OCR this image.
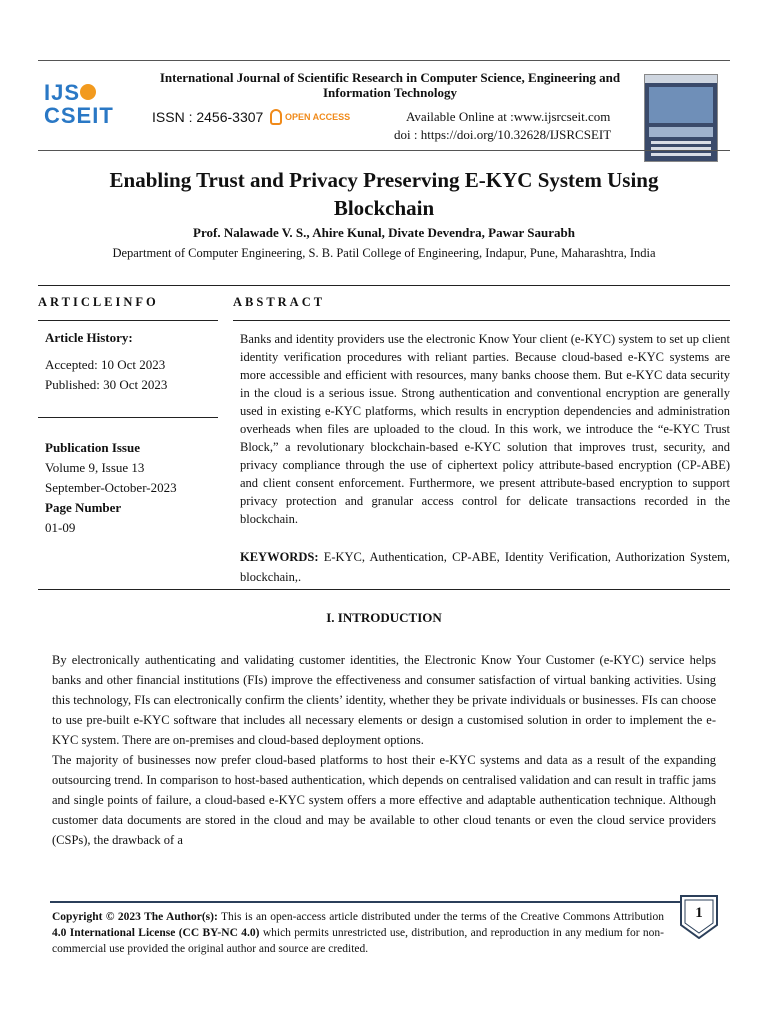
IJS
CSEIT
International Journal of Scientific Research in Computer Science, Engineering and Information Technology
ISSN : 2456-3307 OPEN ACCESS	Available Online at :www.ijsrcseit.com
doi : https://doi.org/10.32628/IJSRCSEIT
Enabling Trust and Privacy Preserving E-KYC System Using Blockchain
Prof. Nalawade V. S., Ahire Kunal, Divate Devendra, Pawar Saurabh
Department of Computer Engineering, S. B. Patil College of Engineering, Indapur, Pune, Maharashtra, India
ARTICLEINFO	ABSTRACT
Article History:
Accepted: 10 Oct 2023
Published: 30 Oct 2023
Publication Issue
Volume 9, Issue 13
September-October-2023
Page Number
01-09
Banks and identity providers use the electronic Know Your client (e-KYC) system to set up client identity verification procedures with reliant parties. Because cloud-based e-KYC systems are more accessible and efficient with resources, many banks choose them. But e-KYC data security in the cloud is a serious issue. Strong authentication and conventional encryption are generally used in existing e-KYC platforms, which results in encryption dependencies and administration overheads when files are uploaded to the cloud. In this work, we introduce the “e-KYC Trust Block,” a revolutionary blockchain-based e-KYC solution that improves trust, security, and privacy compliance through the use of ciphertext policy attribute-based encryption (CP-ABE) and client consent enforcement. Furthermore, we present attribute-based encryption to support privacy protection and granular access control for delicate transactions recorded in the blockchain.
KEYWORDS: E-KYC, Authentication, CP-ABE, Identity Verification, Authorization System, blockchain,.
I. INTRODUCTION

By electronically authenticating and validating customer identities, the Electronic Know Your Customer (e-KYC) service helps banks and other financial institutions (FIs) improve the effectiveness and consumer satisfaction of virtual banking activities. Using this technology, FIs can electronically confirm the clients’ identity, whether they be private individuals or businesses. FIs can choose to use pre-built e-KYC software that includes all necessary elements or design a customised solution in order to implement the e-KYC system. There are on-premises and cloud-based deployment options.

The majority of businesses now prefer cloud-based platforms to host their e-KYC systems and data as a result of the expanding outsourcing trend. In comparison to host-based authentication, which depends on centralised validation and can result in traffic jams and single points of failure, a cloud-based e-KYC system offers a more effective and adaptable authentication technique. Although customer data documents are stored in the cloud and may be available to other cloud tenants or even the cloud service providers (CSPs), the drawback of a

Copyright © 2023 The Author(s): This is an open-access article distributed under the terms of the Creative Commons Attribution 4.0 International License (CC BY-NC 4.0) which permits unrestricted use, distribution, and reproduction in any medium for non-commercial use provided the original author and source are credited.
1
